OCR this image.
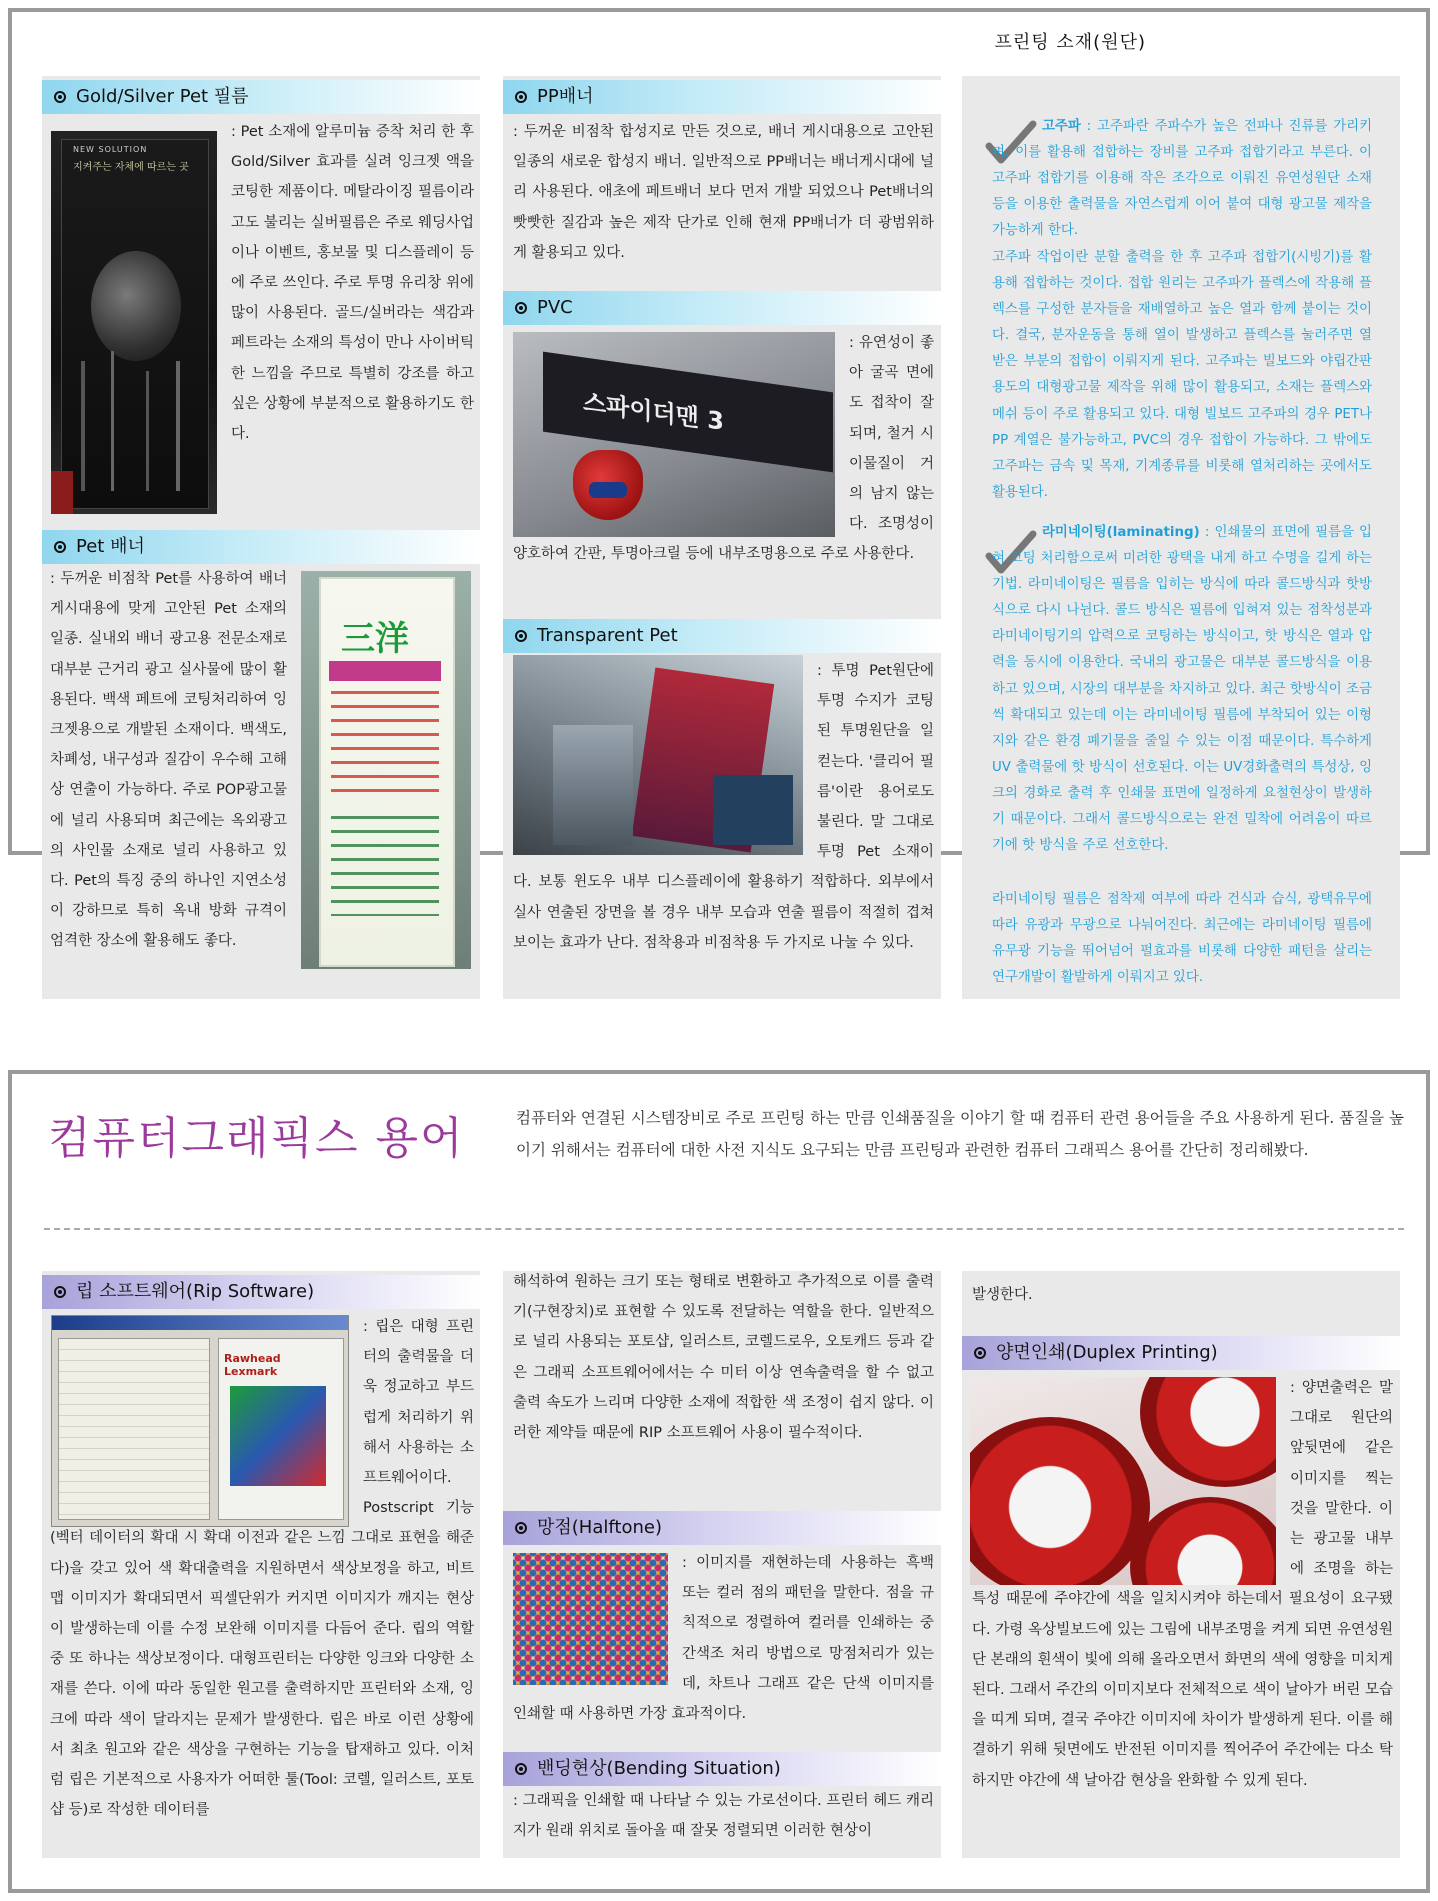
프린팅 소재(원단)
Gold/Silver Pet 필름
NEW SOLUTION
지켜주는 자체에 따르는 곳

: Pet 소재에 알루미늄 증착 처리 한 후 Gold/Silver 효과를 실려 잉크젯 액을 코팅한 제품이다. 메탈라이징 필름이라고도 불리는 실버필름은 주로 웨딩사업이나 이벤트, 홍보물 및 디스플레이 등에 주로 쓰인다. 주로 투명 유리창 위에 많이 사용된다. 골드/실버라는 색감과 페트라는 소재의 특성이 만나 사이버틱한 느낌을 주므로 특별히 강조를 하고 싶은 상황에 부분적으로 활용하기도 한다.

Pet 배너
三洋

: 두꺼운 비점착 Pet를 사용하여 배너 게시대용에 맞게 고안된 Pet 소재의 일종. 실내외 배너 광고용 전문소재로 대부분 근거리 광고 실사물에 많이 활용된다. 백색 페트에 코팅처리하여 잉크젯용으로 개발된 소재이다. 백색도, 차폐성, 내구성과 질감이 우수해 고해상 연출이 가능하다. 주로 POP광고물에 널리 사용되며 최근에는 옥외광고의 사인물 소재로 널리 사용하고 있다. Pet의 특징 중의 하나인 지연소성이 강하므로 특히 옥내 방화 규격이 엄격한 장소에 활용해도 좋다.

PP배너

: 두꺼운 비점착 합성지로 만든 것으로, 배너 게시대용으로 고안된 일종의 새로운 합성지 배너. 일반적으로 PP배너는 배너게시대에 널리 사용된다. 애초에 페트배너 보다 먼저 개발 되었으나 Pet배너의 빳빳한 질감과 높은 제작 단가로 인해 현재 PP배너가 더 광범위하게 활용되고 있다.

PVC
스파이더맨 3

: 유연성이 좋아 굴곡 면에도 접착이 잘되며, 철거 시 이물질이 거의 남지 않는다. 조명성이 양호하여 간판, 투명아크릴 등에 내부조명용으로 주로 사용한다.

Transparent Pet

: 투명 Pet원단에 투명 수지가 코팅된 투명원단을 일컫는다. '클리어 필름'이란 용어로도 불린다. 말 그대로 투명 Pet 소재이다. 보통 윈도우 내부 디스플레이에 활용하기 적합하다. 외부에서 실사 연출된 장면을 볼 경우 내부 모습과 연출 필름이 적절히 겹쳐 보이는 효과가 난다. 점착용과 비점착용 두 가지로 나눌 수 있다.

고주파 : 고주파란 주파수가 높은 전파나 진류를 가리키며, 이를 활용해 접합하는 장비를 고주파 접합기라고 부른다. 이 고주파 접합기를 이용해 작은 조각으로 이뤄진 유연성원단 소재 등을 이용한 출력물을 자연스럽게 이어 붙여 대형 광고물 제작을 가능하게 한다.
고주파 작업이란 분할 출력을 한 후 고주파 접합기(시빙기)를 활용해 접합하는 것이다. 접합 원리는 고주파가 플렉스에 작용해 플렉스를 구성한 분자들을 재배열하고 높은 열과 함께 붙이는 것이다. 결국, 분자운동을 통해 열이 발생하고 플렉스를 눌러주면 열 받은 부분의 접합이 이뤄지게 된다. 고주파는 빌보드와 야립간판 용도의 대형광고물 제작을 위해 많이 활용되고, 소재는 플렉스와 메쉬 등이 주로 활용되고 있다. 대형 빌보드 고주파의 경우 PET나 PP 계열은 불가능하고, PVC의 경우 접합이 가능하다. 그 밖에도 고주파는 금속 및 목재, 기계종류를 비롯해 열처리하는 곳에서도 활용된다.
라미네이팅(laminating) : 인쇄물의 표면에 필름을 입혀 코팅 처리함으로써 미려한 광택을 내게 하고 수명을 길게 하는 기법. 라미네이팅은 필름을 입히는 방식에 따라 콜드방식과 핫방식으로 다시 나뉜다. 콜드 방식은 필름에 입혀져 있는 점착성분과 라미네이팅기의 압력으로 코팅하는 방식이고, 핫 방식은 열과 압력을 동시에 이용한다. 국내의 광고물은 대부분 콜드방식을 이용하고 있으며, 시장의 대부분을 차지하고 있다. 최근 핫방식이 조금씩 확대되고 있는데 이는 라미네이팅 필름에 부착되어 있는 이형지와 같은 환경 폐기물을 줄일 수 있는 이점 때문이다. 특수하게 UV 출력물에 핫 방식이 선호된다. 이는 UV경화출력의 특성상, 잉크의 경화로 출력 후 인쇄물 표면에 일정하게 요철현상이 발생하기 때문이다. 그래서 콜드방식으로는 완전 밀착에 어려움이 따르기에 핫 방식을 주로 선호한다.
라미네이팅 필름은 점착제 여부에 따라 건식과 습식, 광택유무에 따라 유광과 무광으로 나눠어진다. 최근에는 라미네이팅 필름에 유무광 기능을 뛰어넘어 펄효과를 비롯해 다양한 패턴을 살리는 연구개발이 활발하게 이뤄지고 있다.
컴퓨터그래픽스 용어	컴퓨터와 연결된 시스템장비로 주로 프린팅 하는 만큼 인쇄품질을 이야기 할 때 컴퓨터 관련 용어들을 주요 사용하게 된다. 품질을 높이기 위해서는 컴퓨터에 대한 사전 지식도 요구되는 만큼 프린팅과 관련한 컴퓨터 그래픽스 용어를 간단히 정리해봤다.

립 소프트웨어(Rip Software)
Rawhead Lexmark

: 립은 대형 프린터의 출력물을 더욱 정교하고 부드럽게 처리하기 위해서 사용하는 소프트웨어이다. Postscript 기능(벡터 데이터의 확대 시 확대 이전과 같은 느낌 그대로 표현을 해준다)을 갖고 있어 색 확대출력을 지원하면서 색상보정을 하고, 비트맵 이미지가 확대되면서 픽셀단위가 커지면 이미지가 깨지는 현상이 발생하는데 이를 수정 보완해 이미지를 다듬어 준다. 립의 역할 중 또 하나는 색상보정이다. 대형프린터는 다양한 잉크와 다양한 소재를 쓴다. 이에 따라 동일한 원고를 출력하지만 프린터와 소재, 잉크에 따라 색이 달라지는 문제가 발생한다. 립은 바로 이런 상황에서 최초 원고와 같은 색상을 구현하는 기능을 탑재하고 있다. 이처럼 립은 기본적으로 사용자가 어떠한 툴(Tool: 코렐, 일러스트, 포토샵 등)로 작성한 데이터를

해석하여 원하는 크기 또는 형태로 변환하고 추가적으로 이를 출력기(구현장치)로 표현할 수 있도록 전달하는 역할을 한다. 일반적으로 널리 사용되는 포토샵, 일러스트, 코렐드로우, 오토캐드 등과 같은 그래픽 소프트웨어에서는 수 미터 이상 연속출력을 할 수 없고 출력 속도가 느리며 다양한 소재에 적합한 색 조정이 쉽지 않다. 이러한 제약들 때문에 RIP 소프트웨어 사용이 필수적이다.

망점(Halftone)

: 이미지를 재현하는데 사용하는 흑백 또는 컬러 점의 패턴을 말한다. 점을 규칙적으로 정렬하여 컬러를 인쇄하는 중간색조 처리 방법으로 망점처리가 있는데, 차트나 그래프 같은 단색 이미지를 인쇄할 때 사용하면 가장 효과적이다.

밴딩현상(Bending Situation)

: 그래픽을 인쇄할 때 나타날 수 있는 가로선이다. 프린터 헤드 캐리지가 원래 위치로 돌아올 때 잘못 정렬되면 이러한 현상이

발생한다.

양면인쇄(Duplex Printing)

: 양면출력은 말 그대로 원단의 앞뒷면에 같은 이미지를 찍는 것을 말한다. 이는 광고물 내부에 조명을 하는 특성 때문에 주야간에 색을 일치시켜야 하는데서 필요성이 요구됐다. 가령 옥상빌보드에 있는 그림에 내부조명을 켜게 되면 유연성원단 본래의 흰색이 빛에 의해 올라오면서 화면의 색에 영향을 미치게 된다. 그래서 주간의 이미지보다 전체적으로 색이 날아가 버린 모습을 띠게 되며, 결국 주야간 이미지에 차이가 발생하게 된다. 이를 해결하기 위해 뒷면에도 반전된 이미지를 찍어주어 주간에는 다소 탁하지만 야간에 색 날아감 현상을 완화할 수 있게 된다.
